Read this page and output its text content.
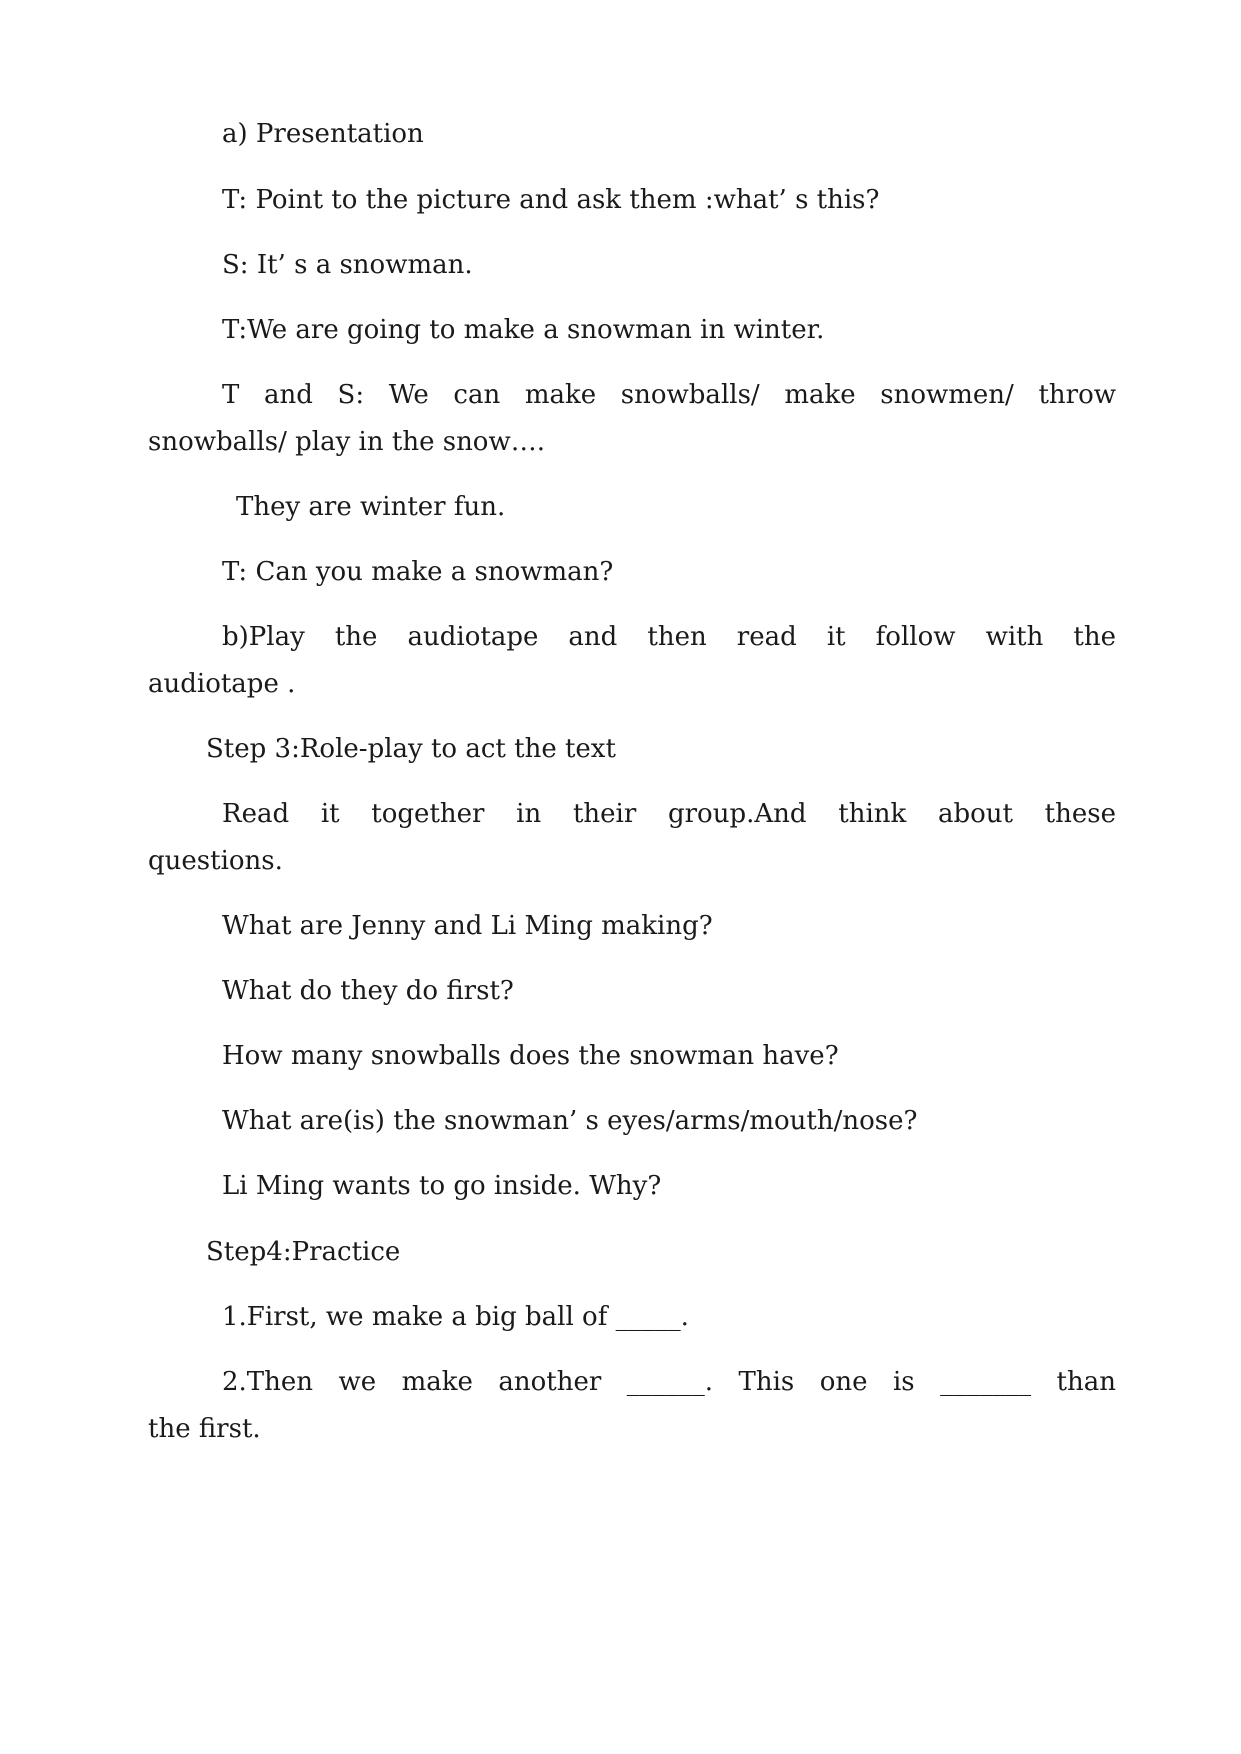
a) Presentation

T: Point to the picture and ask them :what’ s this?

S: It’ s a snowman.

T:We are going to make a snowman in winter.

T and S: We can make snowballs/ make snowmen/ throw

snowballs/ play in the snow….

They are winter fun.

T: Can you make a snowman?

b)Play the audiotape and then read it follow with the

audiotape .

Step 3:Role-play to act the text

Read it together in their group.And think about these

questions.

What are Jenny and Li Ming making?

What do they do first?

How many snowballs does the snowman have?

What are(is) the snowman’ s eyes/arms/mouth/nose?

Li Ming wants to go inside. Why?

Step4:Practice

1.First, we make a big ball of _____.

2.Then we make another ______. This one is _______ than

the first.
